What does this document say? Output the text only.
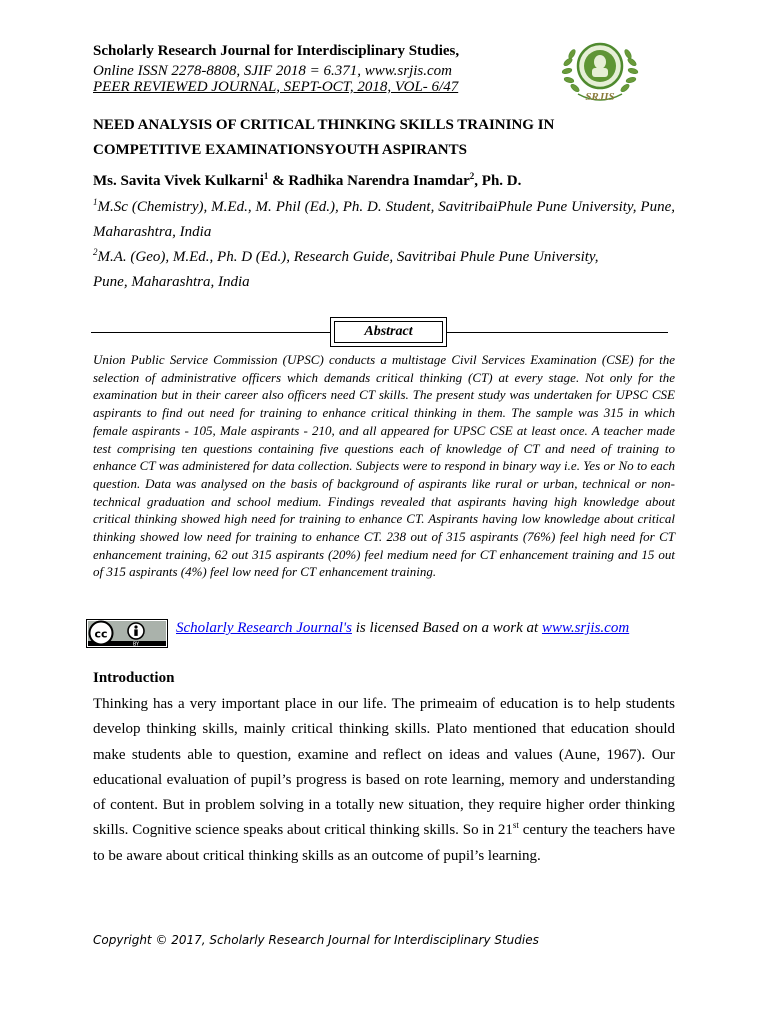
Scholarly Research Journal for Interdisciplinary Studies,
Online ISSN 2278-8808, SJIF 2018 = 6.371, www.srjis.com
PEER REVIEWED JOURNAL, SEPT-OCT, 2018, VOL- 6/47
SRJIS
NEED ANALYSIS OF CRITICAL THINKING SKILLS TRAINING IN
COMPETITIVE EXAMINATIONSYOUTH ASPIRANTS
Ms. Savita Vivek Kulkarni$^1$ & Radhika Narendra Inamdar$^2$, Ph. D.
$^1$M.Sc (Chemistry), M.Ed., M. Phil (Ed.), Ph. D. Student, SavitribaiPhule Pune University, Pune, Maharashtra, India
$^2$M.A. (Geo), M.Ed., Ph. D (Ed.), Research Guide, Savitribai Phule Pune University,
Pune, Maharashtra, India
Abstract
Union Public Service Commission (UPSC) conducts a multistage Civil Services Examination (CSE) for the selection of administrative officers which demands critical thinking (CT) at every stage. Not only for the examination but in their career also officers need CT skills. The present study was undertaken for UPSC CSE aspirants to find out need for training to enhance critical thinking in them. The sample was 315 in which female aspirants - 105, Male aspirants - 210, and all appeared for UPSC CSE at least once. A teacher made test comprising ten questions containing five questions each of knowledge of CT and need of training to enhance CT was administered for data collection. Subjects were to respond in binary way i.e. Yes or No to each question. Data was analysed on the basis of background of aspirants like rural or urban, technical or non-technical graduation and school medium. Findings revealed that aspirants having high knowledge about critical thinking showed high need for training to enhance CT. Aspirants having low knowledge about critical thinking showed low need for training to enhance CT. 238 out of 315 aspirants (76%) feel high need for CT enhancement training, 62 out 315 aspirants (20%) feel medium need for CT enhancement training and 15 out of 315 aspirants (4%) feel low need for CT enhancement training.
cc
BY
Scholarly Research Journal's is licensed Based on a work at www.srjis.com
Introduction
Thinking has a very important place in our life. The primeaim of education is to help students develop thinking skills, mainly critical thinking skills. Plato mentioned that education should make students able to question, examine and reflect on ideas and values (Aune, 1967). Our educational evaluation of pupil’s progress is based on rote learning, memory and understanding of content. But in problem solving in a totally new situation, they require higher order thinking skills. Cognitive science speaks about critical thinking skills. So in 21st century the teachers have to be aware about critical thinking skills as an outcome of pupil’s learning.
Copyright © 2017, Scholarly Research Journal for Interdisciplinary Studies
